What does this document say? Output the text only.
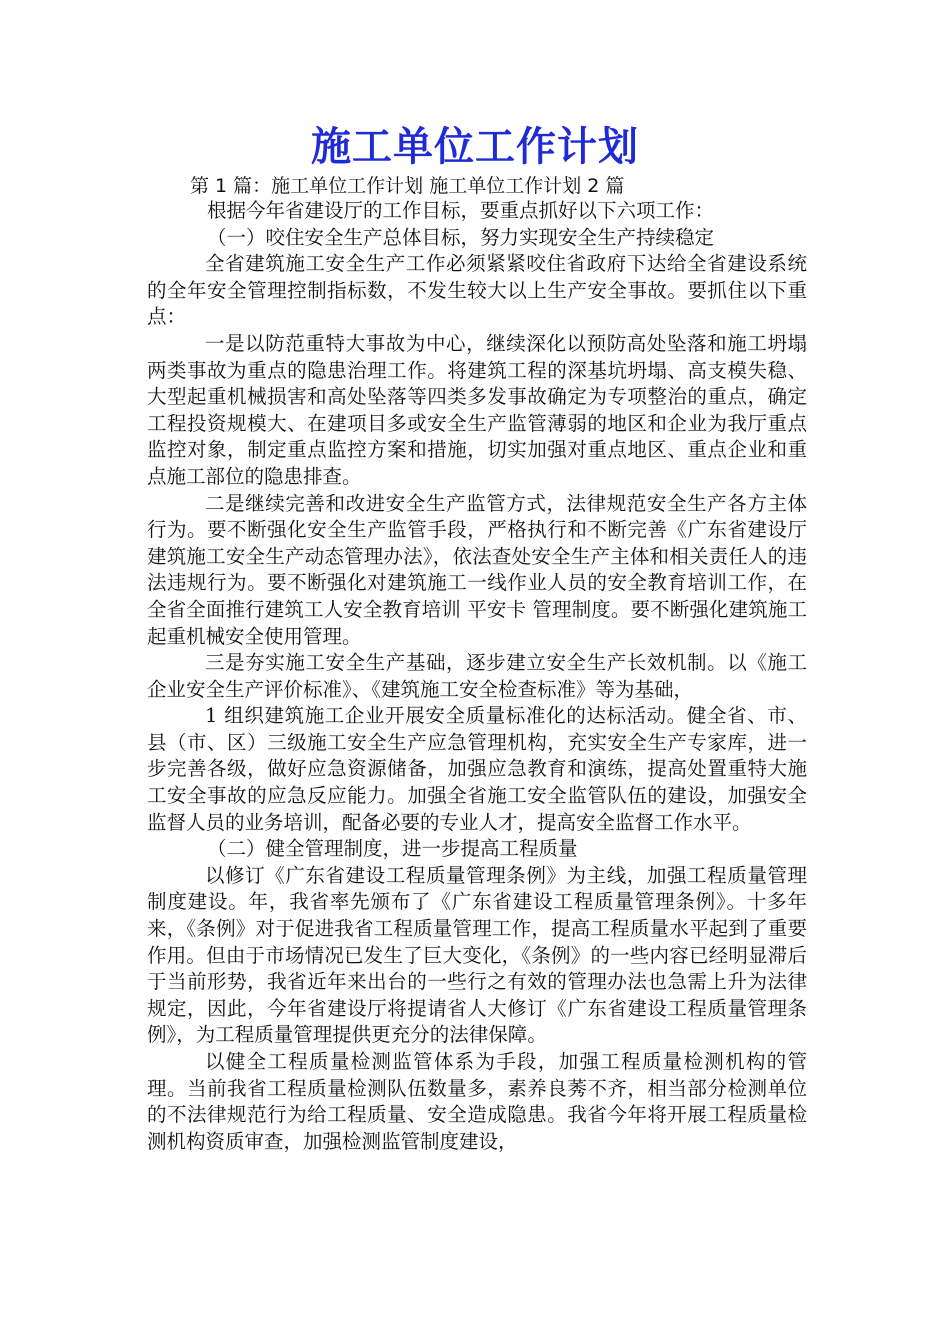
施工单位工作计划
第 1 篇：施工单位工作计划 施工单位工作计划 2 篇

根据今年省建设厅的工作目标，要重点抓好以下六项工作：

（一）咬住安全生产总体目标，努力实现安全生产持续稳定

全省建筑施工安全生产工作必须紧紧咬住省政府下达给全省建设系统的全年安全管理控制指标数，不发生较大以上生产安全事故。要抓住以下重点：

一是以防范重特大事故为中心，继续深化以预防高处坠落和施工坍塌两类事故为重点的隐患治理工作。将建筑工程的深基坑坍塌、高支模失稳、大型起重机械损害和高处坠落等四类多发事故确定为专项整治的重点，确定工程投资规模大、在建项目多或安全生产监管薄弱的地区和企业为我厅重点监控对象，制定重点监控方案和措施，切实加强对重点地区、重点企业和重点施工部位的隐患排查。

二是继续完善和改进安全生产监管方式，法律规范安全生产各方主体行为。要不断强化安全生产监管手段，严格执行和不断完善《广东省建设厅建筑施工安全生产动态管理办法》，依法查处安全生产主体和相关责任人的违法违规行为。要不断强化对建筑施工一线作业人员的安全教育培训工作，在全省全面推行建筑工人安全教育培训 平安卡 管理制度。要不断强化建筑施工起重机械安全使用管理。

三是夯实施工安全生产基础，逐步建立安全生产长效机制。以《施工企业安全生产评价标准》、《建筑施工安全检查标准》等为基础，

1 组织建筑施工企业开展安全质量标准化的达标活动。健全省、市、县（市、区）三级施工安全生产应急管理机构，充实安全生产专家库，进一步完善各级，做好应急资源储备，加强应急教育和演练，提高处置重特大施工安全事故的应急反应能力。加强全省施工安全监管队伍的建设，加强安全监督人员的业务培训，配备必要的专业人才，提高安全监督工作水平。

（二）健全管理制度，进一步提高工程质量

以修订《广东省建设工程质量管理条例》为主线，加强工程质量管理制度建设。年，我省率先颁布了《广东省建设工程质量管理条例》。十多年来，《条例》对于促进我省工程质量管理工作，提高工程质量水平起到了重要作用。但由于市场情况已发生了巨大变化，《条例》的一些内容已经明显滞后于当前形势，我省近年来出台的一些行之有效的管理办法也急需上升为法律规定，因此，今年省建设厅将提请省人大修订《广东省建设工程质量管理条例》，为工程质量管理提供更充分的法律保障。

以健全工程质量检测监管体系为手段，加强工程质量检测机构的管理。当前我省工程质量检测队伍数量多，素养良莠不齐，相当部分检测单位的不法律规范行为给工程质量、安全造成隐患。我省今年将开展工程质量检测机构资质审查，加强检测监管制度建设，
